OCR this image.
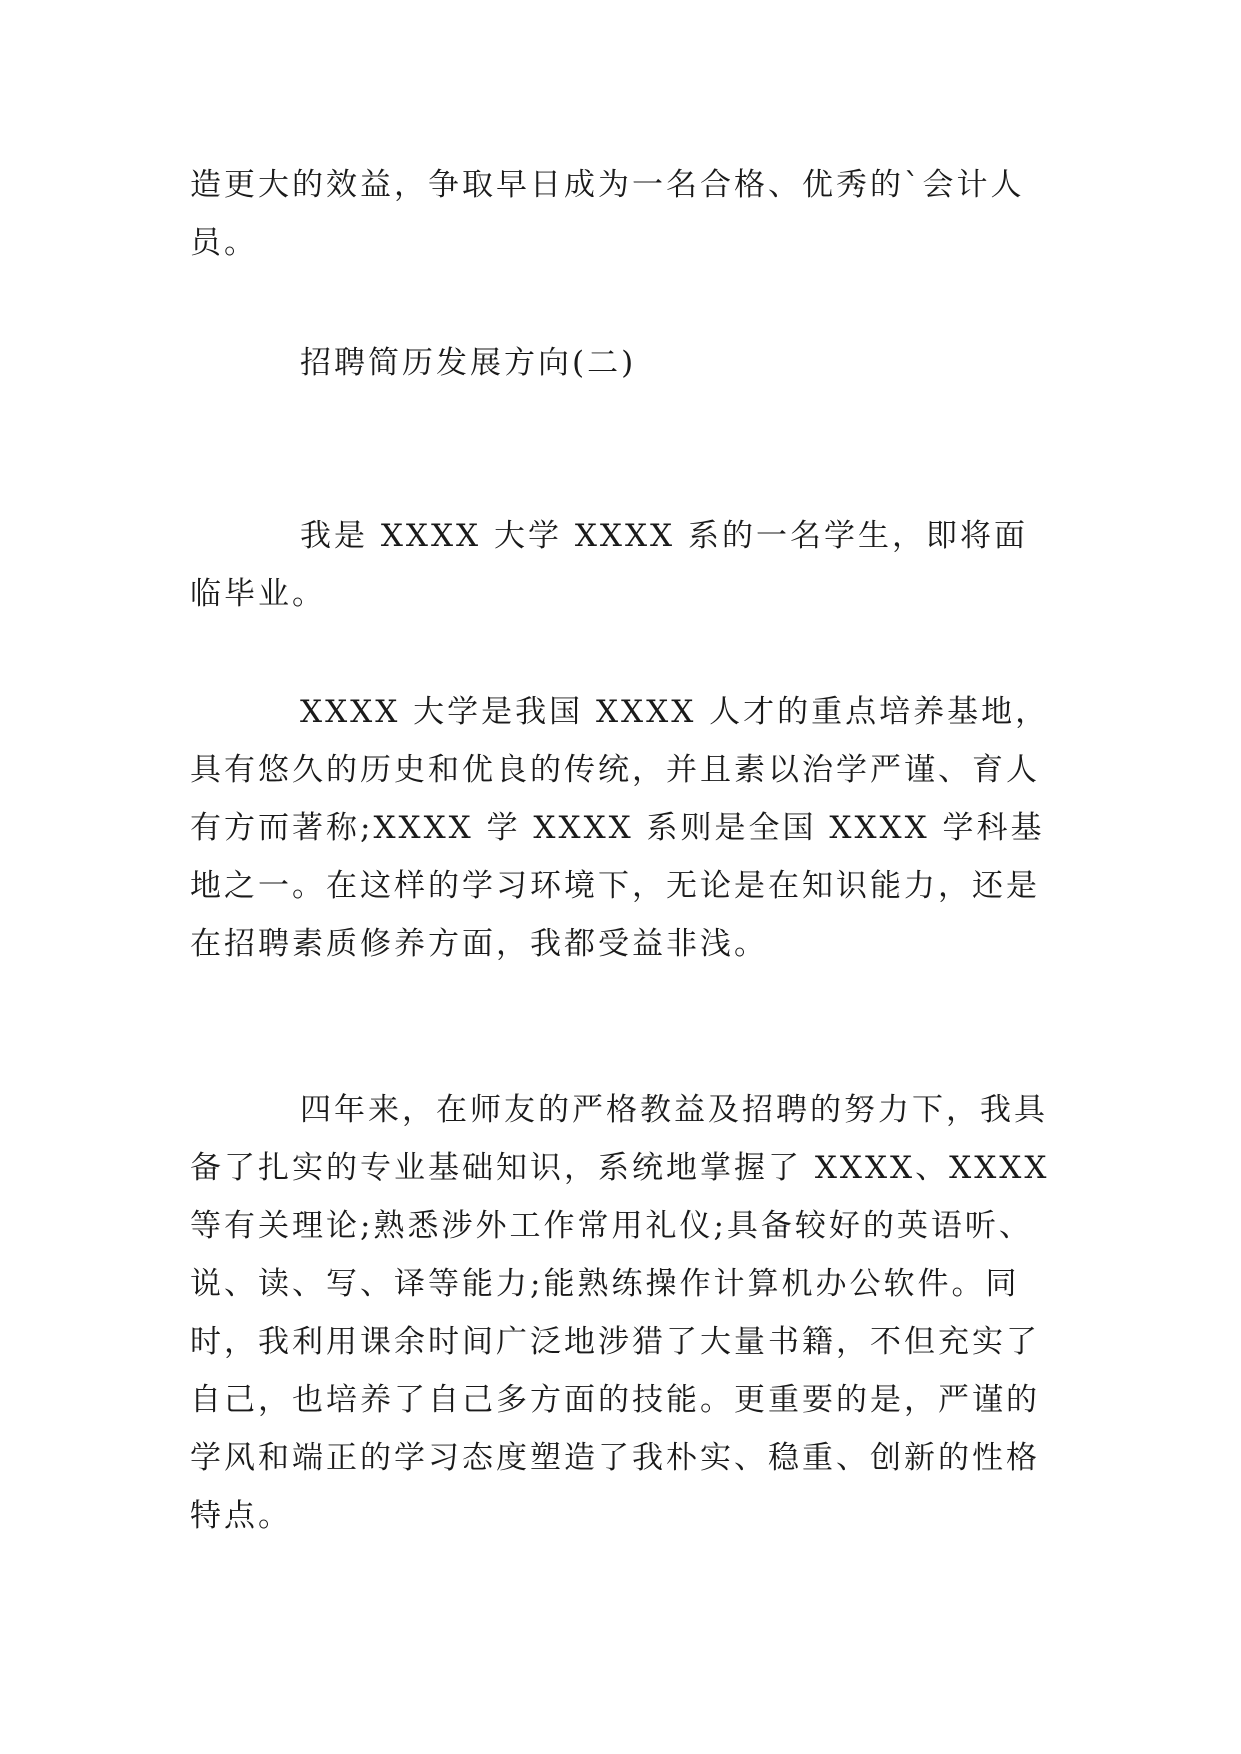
造更大的效益，争取早日成为一名合格、优秀的`会计人员。

招聘简历发展方向(二)

我是 XXXX 大学 XXXX 系的一名学生，即将面临毕业。

XXXX 大学是我国 XXXX 人才的重点培养基地，具有悠久的历史和优良的传统，并且素以治学严谨、育人有方而著称;XXXX 学 XXXX 系则是全国 XXXX 学科基地之一。在这样的学习环境下，无论是在知识能力，还是在招聘素质修养方面，我都受益非浅。

四年来，在师友的严格教益及招聘的努力下，我具备了扎实的专业基础知识，系统地掌握了 XXXX、XXXX 等有关理论;熟悉涉外工作常用礼仪;具备较好的英语听、说、读、写、译等能力;能熟练操作计算机办公软件。同时，我利用课余时间广泛地涉猎了大量书籍，不但充实了自己，也培养了自己多方面的技能。更重要的是，严谨的学风和端正的学习态度塑造了我朴实、稳重、创新的性格特点。
